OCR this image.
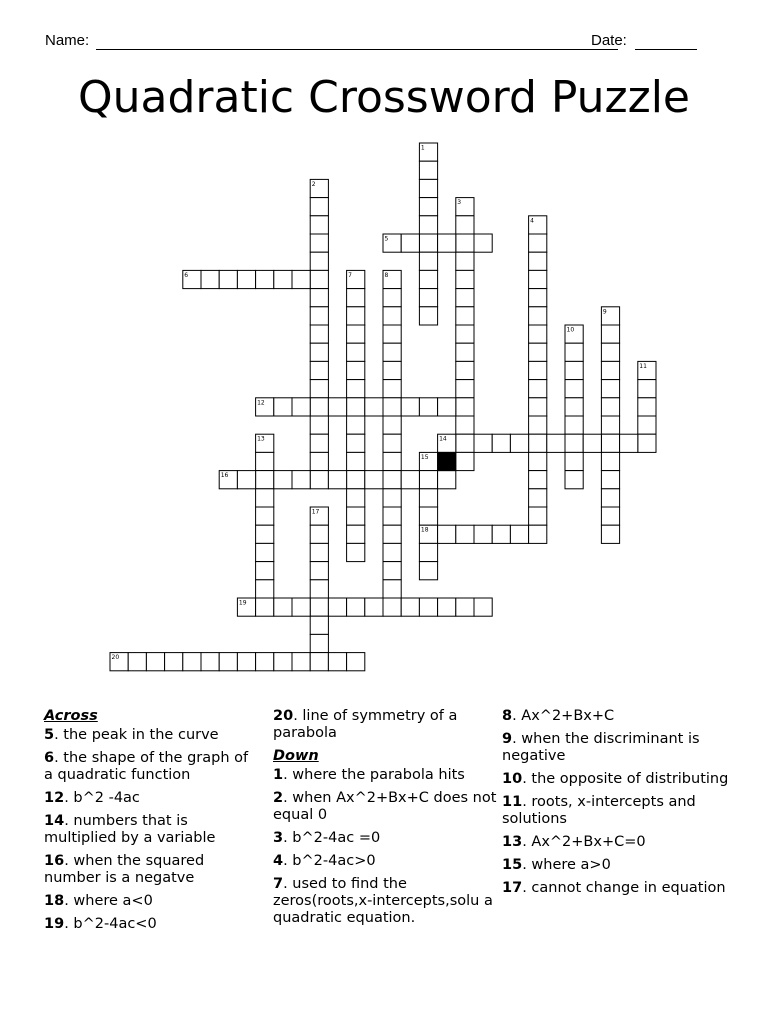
Name:	Date:
Quadratic Crossword Puzzle
1
2
3
4
5
6	7	8
9
10
11
12
13	14
15
16
17
18
19
20
Across
5. the peak in the curve
6. the shape of the graph of a quadratic function
12. b^2 -4ac
14. numbers that is multiplied by a variable
16. when the squared number is a negatve
18. where a<0
19. b^2-4ac<0
20. line of symmetry of a parabola
Down
1. where the parabola hits
2. when Ax^2+Bx+C does not equal 0
3. b^2-4ac =0
4. b^2-4ac>0
7. used to find the zeros(roots,x-intercepts,solu a quadratic equation.
8. Ax^2+Bx+C
9. when the discriminant is negative
10. the opposite of distributing
11. roots, x-intercepts and solutions
13. Ax^2+Bx+C=0
15. where a>0
17. cannot change in equation
